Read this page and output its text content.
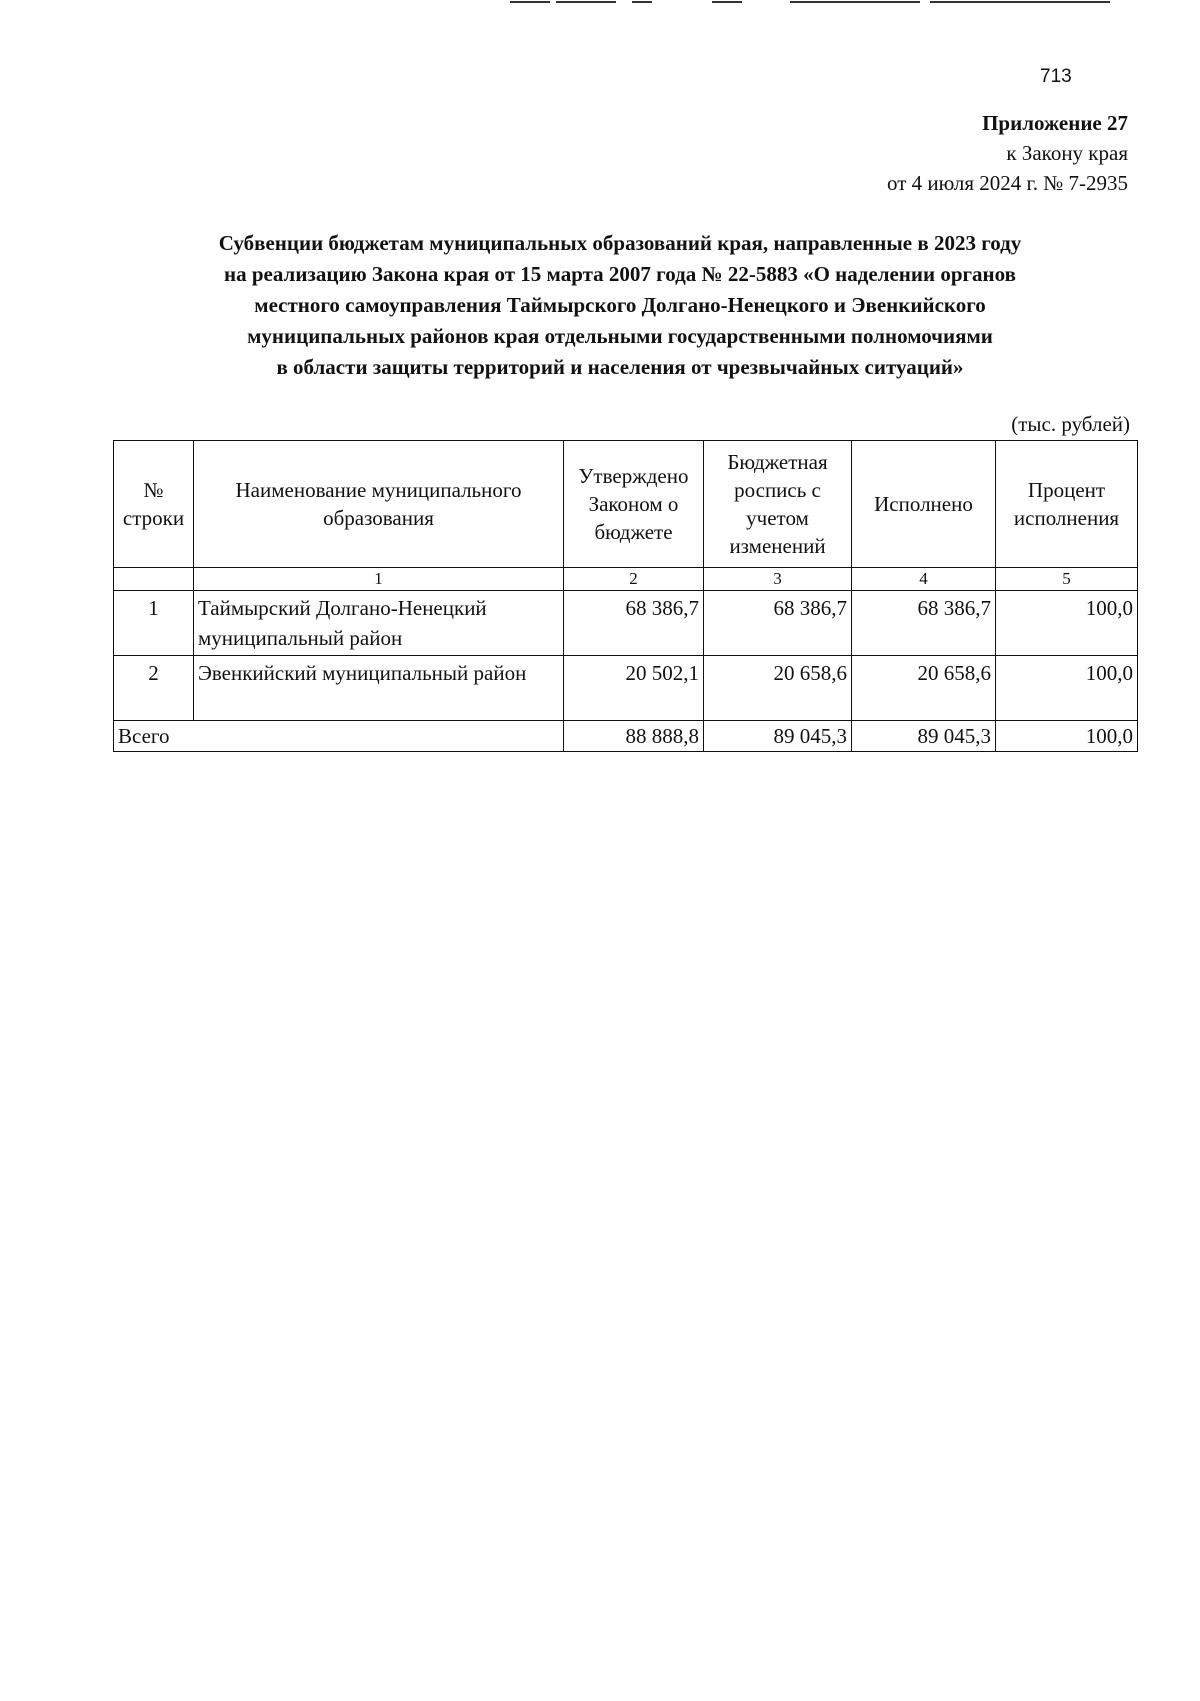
713
Приложение 27
к Закону края
от 4 июля 2024 г. № 7-2935
Субвенции бюджетам муниципальных образований края, направленные в 2023 году
на реализацию Закона края от 15 марта 2007 года № 22-5883 «О наделении органов
местного самоуправления Таймырского Долгано-Ненецкого и Эвенкийского
муниципальных районов края отдельными государственными полномочиями
в области защиты территорий и населения от чрезвычайных ситуаций»
(тыс. рублей)
№ строки	Наименование муниципального образования	Утверждено Законом о бюджете	Бюджетная роспись с учетом изменений	Исполнено	Процент исполнения
	1	2	3	4	5
1	Таймырский Долгано-Ненецкий муниципальный район	68 386,7	68 386,7	68 386,7	100,0
2	Эвенкийский муниципальный район	20 502,1	20 658,6	20 658,6	100,0
Всего		88 888,8	89 045,3	89 045,3	100,0
